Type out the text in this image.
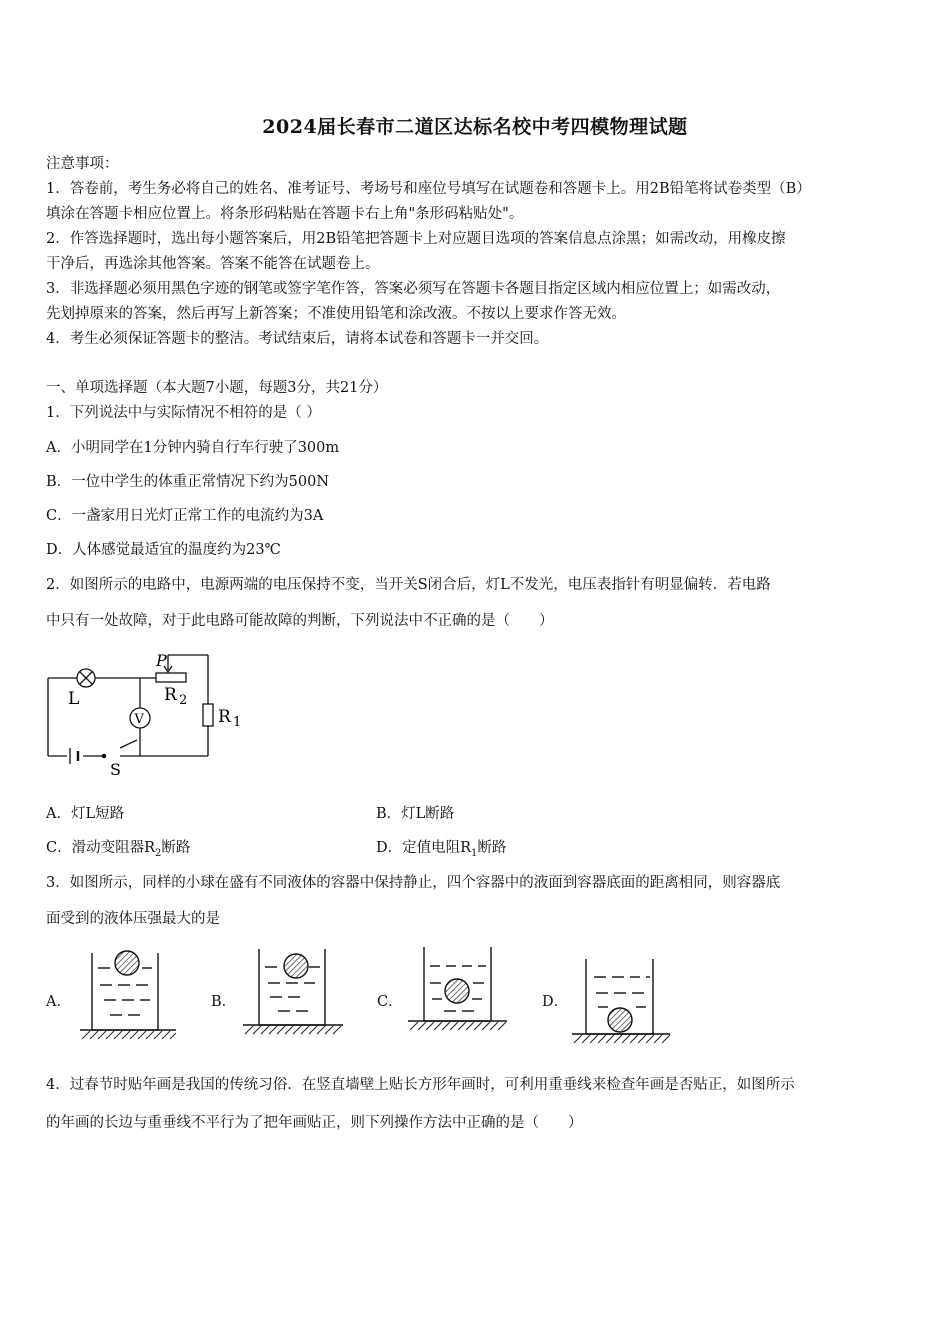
2024届长春市二道区达标名校中考四模物理试题
注意事项：
1．答卷前，考生务必将自己的姓名、准考证号、考场号和座位号填写在试题卷和答题卡上。用2B铅笔将试卷类型（B）
填涂在答题卡相应位置上。将条形码粘贴在答题卡右上角"条形码粘贴处"。
2．作答选择题时，选出每小题答案后，用2B铅笔把答题卡上对应题目选项的答案信息点涂黑；如需改动，用橡皮擦
干净后，再选涂其他答案。答案不能答在试题卷上。
3．非选择题必须用黑色字迹的钢笔或签字笔作答，答案必须写在答题卡各题目指定区域内相应位置上；如需改动，
先划掉原来的答案，然后再写上新答案；不准使用铅笔和涂改液。不按以上要求作答无效。
4．考生必须保证答题卡的整洁。考试结束后，请将本试卷和答题卡一并交回。
一、单项选择题（本大题7小题，每题3分，共21分）
1．下列说法中与实际情况不相符的是（ ）
A．小明同学在1分钟内骑自行车行驶了300m
B．一位中学生的体重正常情况下约为500N
C．一盏家用日光灯正常工作的电流约为3A
D．人体感觉最适宜的温度约为23℃
2．如图所示的电路中，电源两端的电压保持不变，当开关S闭合后，灯L不发光，电压表指针有明显偏转．若电路
中只有一处故障，对于此电路可能故障的判断，下列说法中不正确的是（　　）
L
P
R 2
R 1
S
V
A．灯L短路	B．灯L断路
C．滑动变阻器$R_2$断路	D．定值电阻$R_1$断路
3．如图所示，同样的小球在盛有不同液体的容器中保持静止，四个容器中的液面到容器底面的距离相同，则容器底
面受到的液体压强最大的是
A．	B．	C．	D．
4．过春节时贴年画是我国的传统习俗．在竖直墙壁上贴长方形年画时，可利用重垂线来检查年画是否贴正，如图所示
的年画的长边与重垂线不平行为了把年画贴正，则下列操作方法中正确的是（　　）
